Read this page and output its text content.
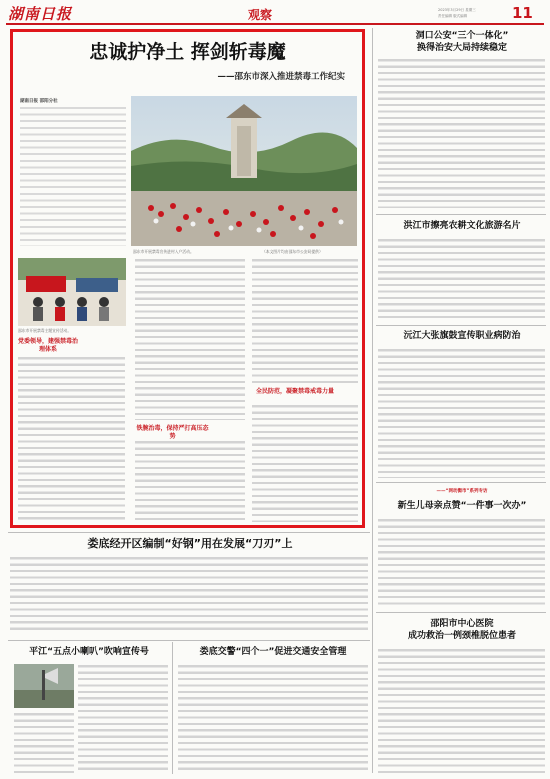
湖南日报	观察	2023年3月29日 星期三
责任编辑 版式编辑	11
忠诚护净土 挥剑斩毒魔
——邵东市深入推进禁毒工作纪实
湖南日报 邵阳分社
邵东市开展禁毒宣传进村入户活动。	（本文图片均由邵东市公安局提供）
邵东市开展禁毒主题宣传活动。
党委领导，建强禁毒治理体系
铁腕治毒，保持严打高压态势
全民防范，凝聚禁毒戒毒力量
洞口公安“三个一体化”
换得治安大局持续稳定
洪江市擦亮农耕文化旅游名片
沅江大张旗鼓宣传职业病防治
——“网动衡市”系列专访
新生儿母亲点赞“一件事一次办”
邵阳市中心医院
成功救治一例颈椎脱位患者
娄底经开区编制“好钢”用在发展“刀刃”上
平江“五点小喇叭”吹响宣传号	娄底交警“四个一”促进交通安全管理
